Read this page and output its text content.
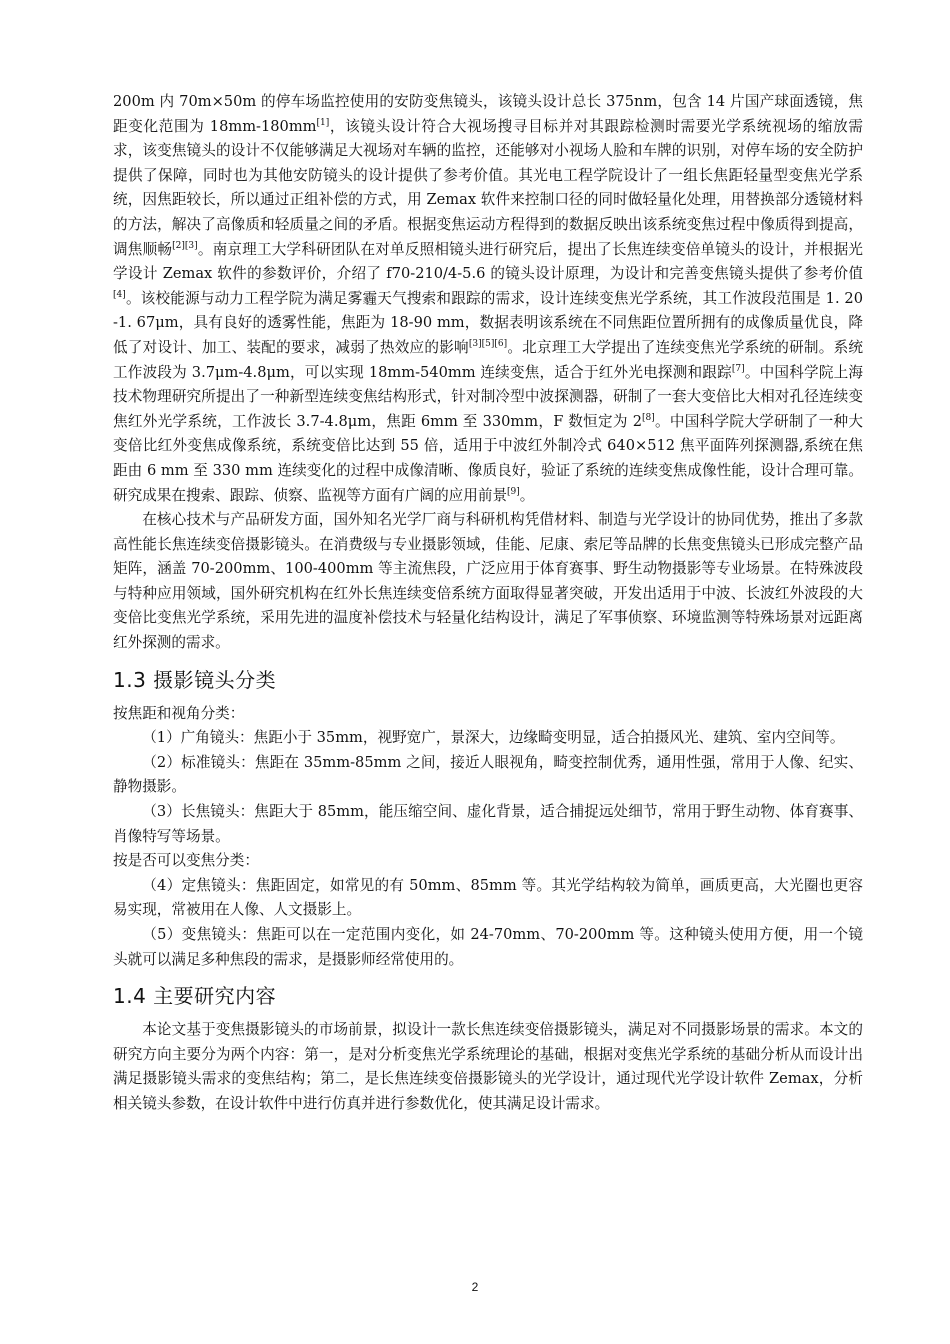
200m 内 70m×50m 的停车场监控使用的安防变焦镜头，该镜头设计总长 375nm，包含 14 片国产球面透镜，焦距变化范围为 18mm-180mm[1]，该镜头设计符合大视场搜寻目标并对其跟踪检测时需要光学系统视场的缩放需求，该变焦镜头的设计不仅能够满足大视场对车辆的监控，还能够对小视场人脸和车牌的识别，对停车场的安全防护提供了保障，同时也为其他安防镜头的设计提供了参考价值。其光电工程学院设计了一组长焦距轻量型变焦光学系统，因焦距较长，所以通过正组补偿的方式，用 Zemax 软件来控制口径的同时做轻量化处理，用替换部分透镜材料的方法，解决了高像质和轻质量之间的矛盾。根据变焦运动方程得到的数据反映出该系统变焦过程中像质得到提高，调焦顺畅[2][3]。南京理工大学科研团队在对单反照相镜头进行研究后，提出了长焦连续变倍单镜头的设计，并根据光学设计 Zemax 软件的参数评价，介绍了 f70-210/4-5.6 的镜头设计原理，为设计和完善变焦镜头提供了参考价值[4]。该校能源与动力工程学院为满足雾霾天气搜索和跟踪的需求，设计连续变焦光学系统，其工作波段范围是 1. 20 -1. 67μm，具有良好的透雾性能，焦距为 18-90 mm，数据表明该系统在不同焦距位置所拥有的成像质量优良，降低了对设计、加工、装配的要求，减弱了热效应的影响[3][5][6]。北京理工大学提出了连续变焦光学系统的研制。系统工作波段为 3.7μm-4.8μm，可以实现 18mm-540mm 连续变焦，适合于红外光电探测和跟踪[7]。中国科学院上海技术物理研究所提出了一种新型连续变焦结构形式，针对制冷型中波探测器，研制了一套大变倍比大相对孔径连续变焦红外光学系统，工作波长 3.7-4.8μm，焦距 6mm 至 330mm，F 数恒定为 2[8]。中国科学院大学研制了一种大变倍比红外变焦成像系统，系统变倍比达到 55 倍，适用于中波红外制冷式 640×512 焦平面阵列探测器,系统在焦距由 6 mm 至 330 mm 连续变化的过程中成像清晰、像质良好，验证了系统的连续变焦成像性能，设计合理可靠。研究成果在搜索、跟踪、侦察、监视等方面有广阔的应用前景[9]。

在核心技术与产品研发方面，国外知名光学厂商与科研机构凭借材料、制造与光学设计的协同优势，推出了多款高性能长焦连续变倍摄影镜头。在消费级与专业摄影领域，佳能、尼康、索尼等品牌的长焦变焦镜头已形成完整产品矩阵，涵盖 70-200mm、100-400mm 等主流焦段，广泛应用于体育赛事、野生动物摄影等专业场景。在特殊波段与特种应用领域，国外研究机构在红外长焦连续变倍系统方面取得显著突破，开发出适用于中波、长波红外波段的大变倍比变焦光学系统，采用先进的温度补偿技术与轻量化结构设计，满足了军事侦察、环境监测等特殊场景对远距离红外探测的需求。

1.3 摄影镜头分类

按焦距和视角分类：

（1）广角镜头：焦距小于 35mm，视野宽广，景深大，边缘畸变明显，适合拍摄风光、建筑、室内空间等。

（2）标准镜头：焦距在 35mm-85mm 之间，接近人眼视角，畸变控制优秀，通用性强，常用于人像、纪实、静物摄影。

（3）长焦镜头：焦距大于 85mm，能压缩空间、虚化背景，适合捕捉远处细节，常用于野生动物、体育赛事、肖像特写等场景。

按是否可以变焦分类：

（4）定焦镜头：焦距固定，如常见的有 50mm、85mm 等。其光学结构较为简单，画质更高，大光圈也更容易实现，常被用在人像、人文摄影上。

（5）变焦镜头：焦距可以在一定范围内变化，如 24-70mm、70-200mm 等。这种镜头使用方便，用一个镜头就可以满足多种焦段的需求，是摄影师经常使用的。

1.4 主要研究内容

本论文基于变焦摄影镜头的市场前景，拟设计一款长焦连续变倍摄影镜头，满足对不同摄影场景的需求。本文的研究方向主要分为两个内容：第一，是对分析变焦光学系统理论的基础，根据对变焦光学系统的基础分析从而设计出满足摄影镜头需求的变焦结构；第二，是长焦连续变倍摄影镜头的光学设计，通过现代光学设计软件 Zemax，分析相关镜头参数，在设计软件中进行仿真并进行参数优化，使其满足设计需求。

2
